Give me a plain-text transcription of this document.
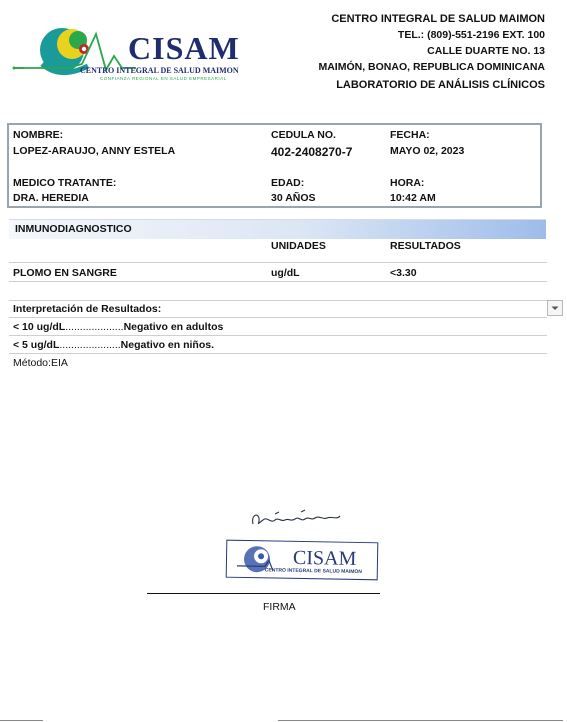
CISAM
CENTRO INTEGRAL DE SALUD MAIMON
CONFIANZA REGIONAL EN SALUD EMPRESARIAL
CENTRO INTEGRAL DE SALUD MAIMON
TEL.: (809)-551-2196 EXT. 100
CALLE DUARTE NO. 13
MAIMÓN, BONAO, REPUBLICA DOMINICANA
LABORATORIO DE ANÁLISIS CLÍNICOS
NOMBRE:
LOPEZ-ARAUJO, ANNY ESTELA
CEDULA NO.
402-2408270-7
FECHA:
MAYO 02, 2023
MEDICO TRATANTE:
DRA. HEREDIA
EDAD:
30 AÑOS
HORA:
10:42 AM
INMUNODIAGNOSTICO
UNIDADES	RESULTADOS
PLOMO EN SANGRE	ug/dL	<3.30
Interpretación de Resultados:
< 10 ug/dL....................Negativo en adultos
< 5 ug/dL.....................Negativo en niños.
Método:EIA
CISAM
CENTRO INTEGRAL DE SALUD MAIMON
FIRMA
